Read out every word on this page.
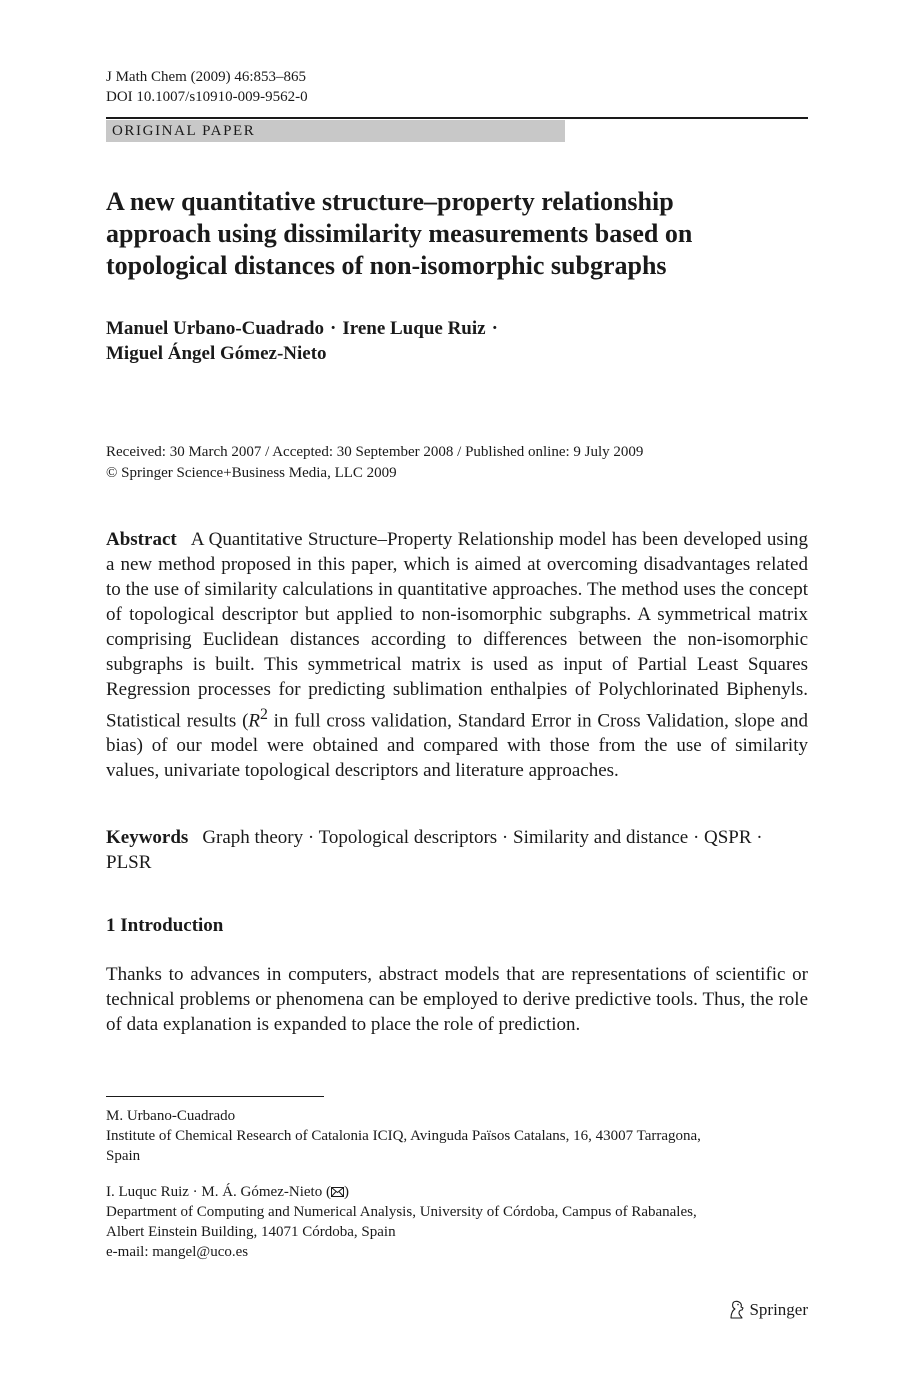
J Math Chem (2009) 46:853–865
DOI 10.1007/s10910-009-9562-0
ORIGINAL PAPER
A new quantitative structure–property relationship
approach using dissimilarity measurements based on
topological distances of non-isomorphic subgraphs
Manuel Urbano-Cuadrado · Irene Luque Ruiz ·
Miguel Ángel Gómez-Nieto
Received: 30 March 2007 / Accepted: 30 September 2008 / Published online: 9 July 2009
© Springer Science+Business Media, LLC 2009

Abstract A Quantitative Structure–Property Relationship model has been developed using a new method proposed in this paper, which is aimed at overcoming disadvantages related to the use of similarity calculations in quantitative approaches. The method uses the concept of topological descriptor but applied to non-isomorphic subgraphs. A symmetrical matrix comprising Euclidean distances according to differences between the non-isomorphic subgraphs is built. This symmetrical matrix is used as input of Partial Least Squares Regression processes for predicting sublimation enthalpies of Polychlorinated Biphenyls. Statistical results ($R^2$ in full cross validation, Standard Error in Cross Validation, slope and bias) of our model were obtained and compared with those from the use of similarity values, univariate topological descriptors and literature approaches.

Keywords Graph theory · Topological descriptors · Similarity and distance · QSPR · PLSR

1 Introduction

Thanks to advances in computers, abstract models that are representations of scientific or technical problems or phenomena can be employed to derive predictive tools. Thus, the role of data explanation is expanded to place the role of prediction.

M. Urbano-Cuadrado
Institute of Chemical Research of Catalonia ICIQ, Avinguda Països Catalans, 16, 43007 Tarragona,
Spain
I. Luquc Ruiz · M. Á. Gómez-Nieto ( )
Department of Computing and Numerical Analysis, University of Córdoba, Campus of Rabanales,
Albert Einstein Building, 14071 Córdoba, Spain
e-mail: mangel@uco.es
Springer
